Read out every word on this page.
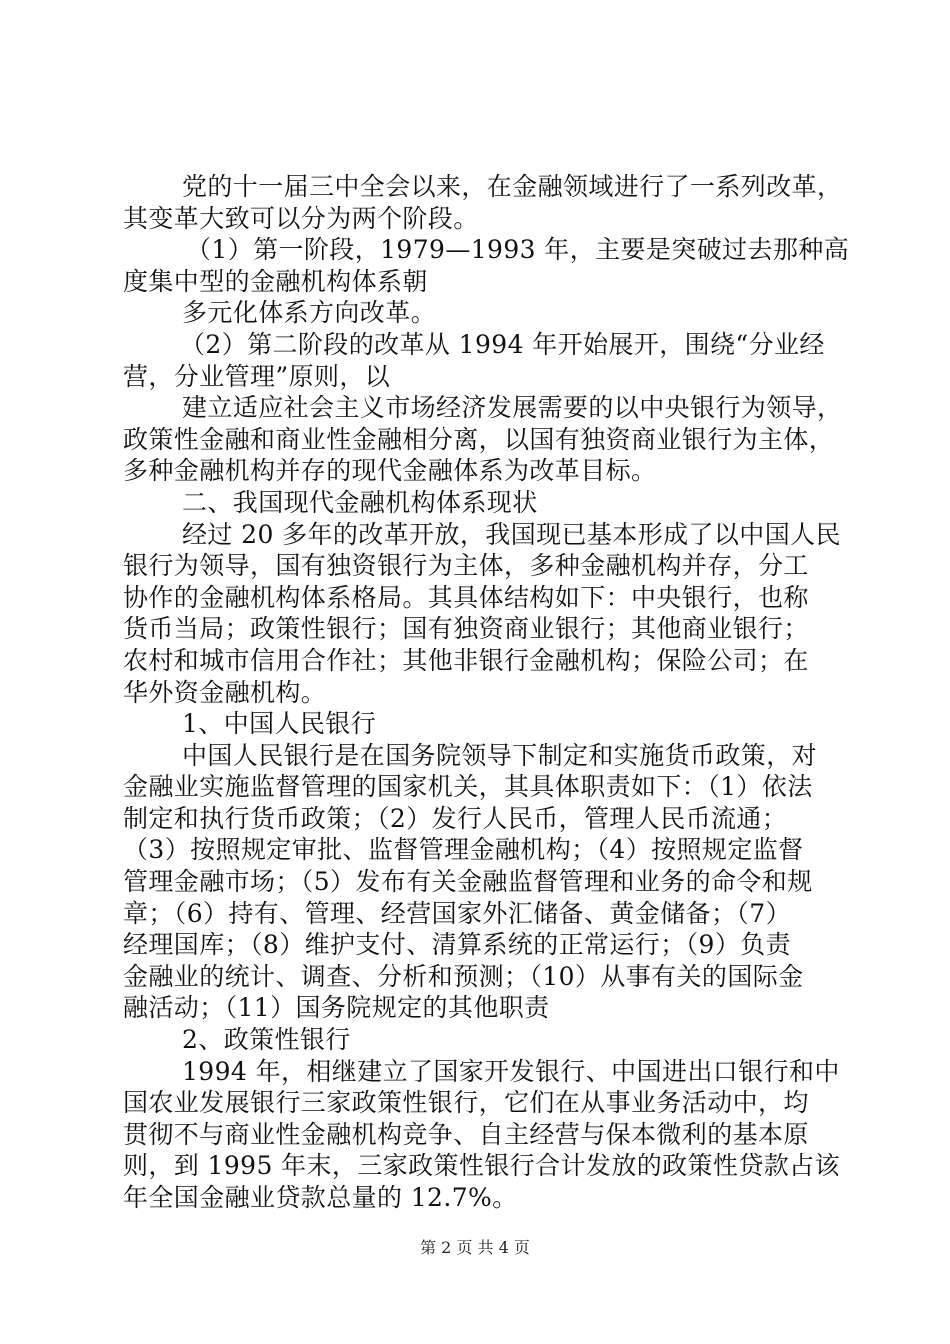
党的十一届三中全会以来，在金融领域进行了一系列改革，
其变革大致可以分为两个阶段。
（1）第一阶段，1979—1993 年，主要是突破过去那种高
度集中型的金融机构体系朝
多元化体系方向改革。
（2）第二阶段的改革从 1994 年开始展开，围绕“分业经
营，分业管理”原则，以
建立适应社会主义市场经济发展需要的以中央银行为领导，
政策性金融和商业性金融相分离，以国有独资商业银行为主体，
多种金融机构并存的现代金融体系为改革目标。
二、我国现代金融机构体系现状
经过 20 多年的改革开放，我国现已基本形成了以中国人民
银行为领导，国有独资银行为主体，多种金融机构并存，分工
协作的金融机构体系格局。其具体结构如下：中央银行，也称
货币当局；政策性银行；国有独资商业银行；其他商业银行；
农村和城市信用合作社；其他非银行金融机构；保险公司；在
华外资金融机构。
1、中国人民银行
中国人民银行是在国务院领导下制定和实施货币政策，对
金融业实施监督管理的国家机关，其具体职责如下：（1）依法
制定和执行货币政策；（2）发行人民币，管理人民币流通；
（3）按照规定审批、监督管理金融机构；（4）按照规定监督
管理金融市场；（5）发布有关金融监督管理和业务的命令和规
章；（6）持有、管理、经营国家外汇储备、黄金储备；（7）
经理国库；（8）维护支付、清算系统的正常运行；（9）负责
金融业的统计、调查、分析和预测；（10）从事有关的国际金
融活动；（11）国务院规定的其他职责
2、政策性银行
1994 年，相继建立了国家开发银行、中国进出口银行和中
国农业发展银行三家政策性银行，它们在从事业务活动中，均
贯彻不与商业性金融机构竞争、自主经营与保本微利的基本原
则，到 1995 年末，三家政策性银行合计发放的政策性贷款占该
年全国金融业贷款总量的 12.7%。
第 2 页 共 4 页
